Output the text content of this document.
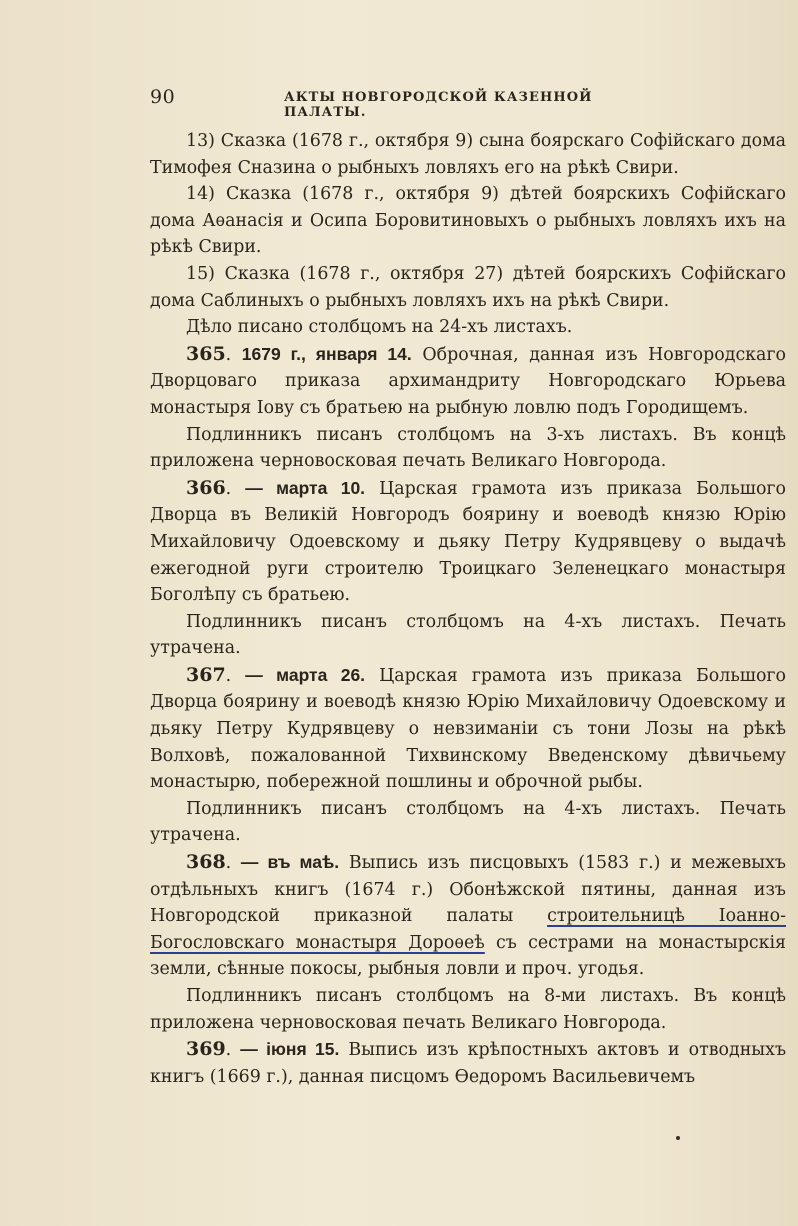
90	АКТЫ НОВГОРОДСКОЙ КАЗЕННОЙ ПАЛАТЫ.

13) Сказка (1678 г., октября 9) сына боярскаго Софійскаго дома Тимофея Сназина о рыбныхъ ловляхъ его на рѣкѣ Свири.

14) Сказка (1678 г., октября 9) дѣтей боярскихъ Софійскаго дома Аѳанасія и Осипа Боровитиновыхъ о рыбныхъ ловляхъ ихъ на рѣкѣ Свири.

15) Сказка (1678 г., октября 27) дѣтей боярскихъ Софійскаго дома Саблиныхъ о рыбныхъ ловляхъ ихъ на рѣкѣ Свири.

Дѣло писано столбцомъ на 24-хъ листахъ.

365. 1679 г., января 14. Оброчная, данная изъ Новгородскаго Дворцоваго приказа архимандриту Новгородскаго Юрьева монастыря Іову съ братьею на рыбную ловлю подъ Городищемъ.

Подлинникъ писанъ столбцомъ на 3-хъ листахъ. Въ концѣ приложена черновосковая печать Великаго Новгорода.

366. — марта 10. Царская грамота изъ приказа Большого Дворца въ Великій Новгородъ боярину и воеводѣ князю Юрію Михайловичу Одоевскому и дьяку Петру Кудрявцеву о выдачѣ ежегодной руги строителю Троицкаго Зеленецкаго монастыря Боголѣпу съ братьею.

Подлинникъ писанъ столбцомъ на 4-хъ листахъ. Печать утрачена.

367. — марта 26. Царская грамота изъ приказа Большого Дворца боярину и воеводѣ князю Юрію Михайловичу Одоевскому и дьяку Петру Кудрявцеву о невзиманіи съ тони Лозы на рѣкѣ Волховѣ, пожалованной Тихвинскому Введенскому дѣвичьему монастырю, побережной пошлины и оброчной рыбы.

Подлинникъ писанъ столбцомъ на 4-хъ листахъ. Печать утрачена.

368. — въ маѣ. Выпись изъ писцовыхъ (1583 г.) и межевыхъ отдѣльныхъ книгъ (1674 г.) Обонѣжской пятины, данная изъ Новгородской приказной палаты строительницѣ Іоанно-Богословскаго монастыря Дороѳеѣ съ сестрами на монастырскія земли, сѣнные покосы, рыбныя ловли и проч. угодья.

Подлинникъ писанъ столбцомъ на 8-ми листахъ. Въ концѣ приложена черновосковая печать Великаго Новгорода.

369. — іюня 15. Выпись изъ крѣпостныхъ актовъ и отводныхъ книгъ (1669 г.), данная писцомъ Ѳедоромъ Васильевичемъ
